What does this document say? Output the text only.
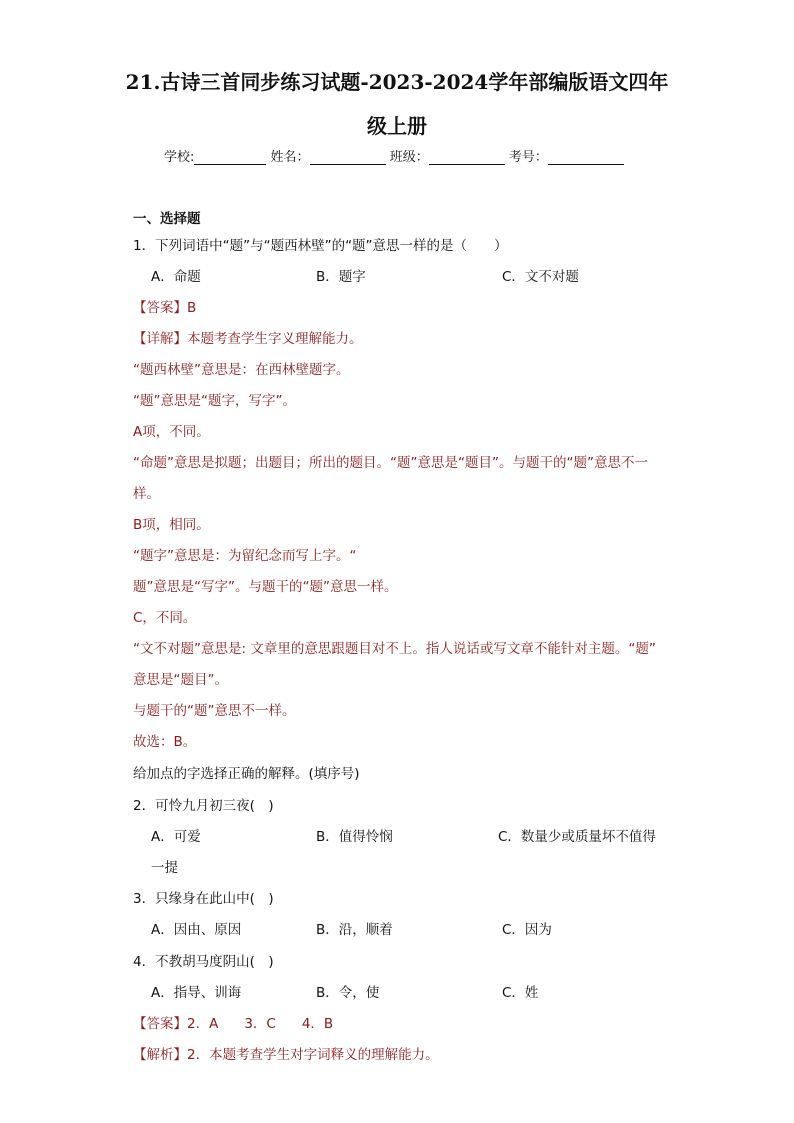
21.古诗三首同步练习试题-2023-2024学年部编版语文四年
级上册
学校:	姓名：	班级：	考号：
一、选择题
1．下列词语中“题”与“题西林壁”的“题”意思一样的是（　　）
A．命题	B．题字	C．文不对题
【答案】B
【详解】本题考查学生字义理解能力。
“题西林壁”意思是：在西林壁题字。
“题”意思是“题字，写字”。
A项，不同。
“命题”意思是拟题；出题目；所出的题目。“题”意思是“题目”。与题干的“题”意思不一
样。
B项，相同。
“题字”意思是：为留纪念而写上字。“
题”意思是“写字”。与题干的“题”意思一样。
C，不同。
“文不对题”意思是: 文章里的意思跟题目对不上。指人说话或写文章不能针对主题。“题”
意思是“题目”。
与题干的“题”意思不一样。
故选：B。
给加点的字选择正确的解释。(填序号)
2．可怜九月初三夜(　)
A．可爱	B．值得怜悯	C．数量少或质量坏不值得
一提
3．只缘身在此山中(　)
A．因由、原因	B．沿，顺着	C．因为
4．不教胡马度阴山(　)
A．指导、训诲	B．令，使	C．姓
【答案】2．A 3．C 4．B
【解析】2．本题考查学生对字词释义的理解能力。
